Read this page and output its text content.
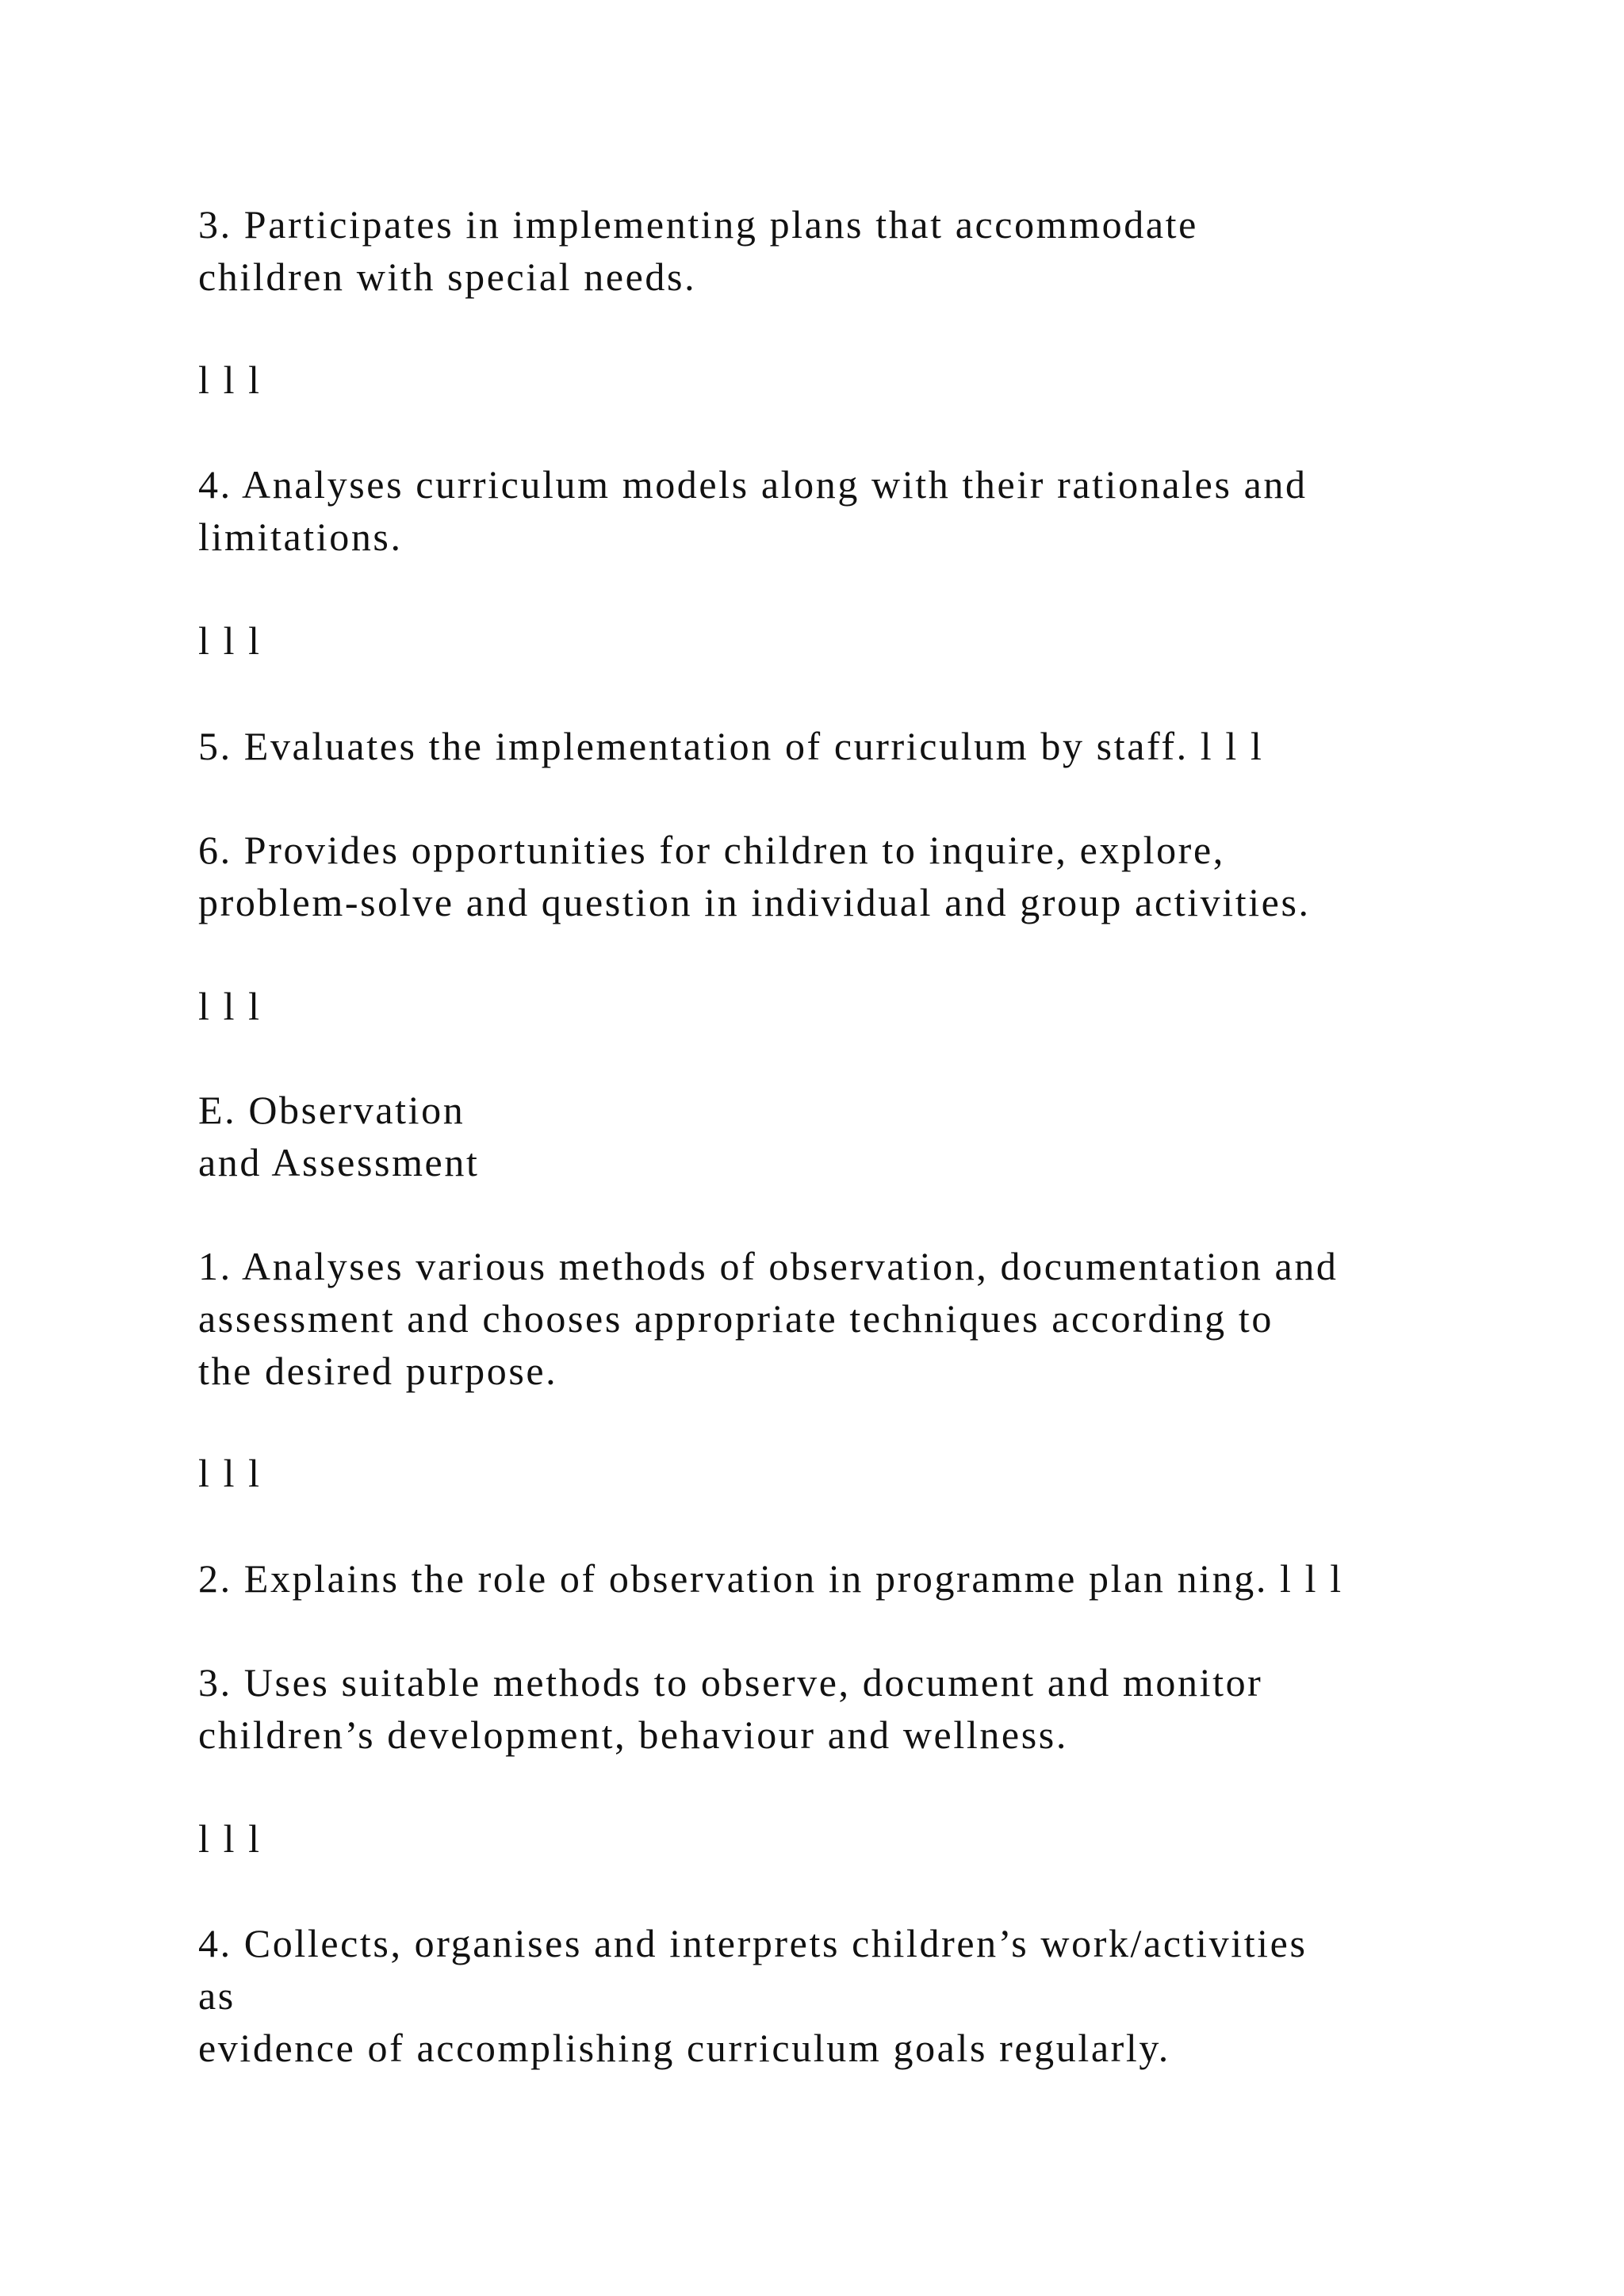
3. Participates in implementing plans that accommodate
children with special needs.

l l l

4. Analyses curriculum models along with their rationales and
limitations.

l l l

5. Evaluates the implementation of curriculum by staff. l l l

6. Provides opportunities for children to inquire, explore,
problem-solve and question in individual and group activities.

l l l

E. Observation
and Assessment

1. Analyses various methods of observation, documentation and
assessment and chooses appropriate techniques according to
the desired purpose.

l l l

2. Explains the role of observation in programme plan ning. l l l

3. Uses suitable methods to observe, document and monitor
children’s development, behaviour and wellness.

l l l

4. Collects, organises and interprets children’s work/activities
as
evidence of accomplishing curriculum goals regularly.
